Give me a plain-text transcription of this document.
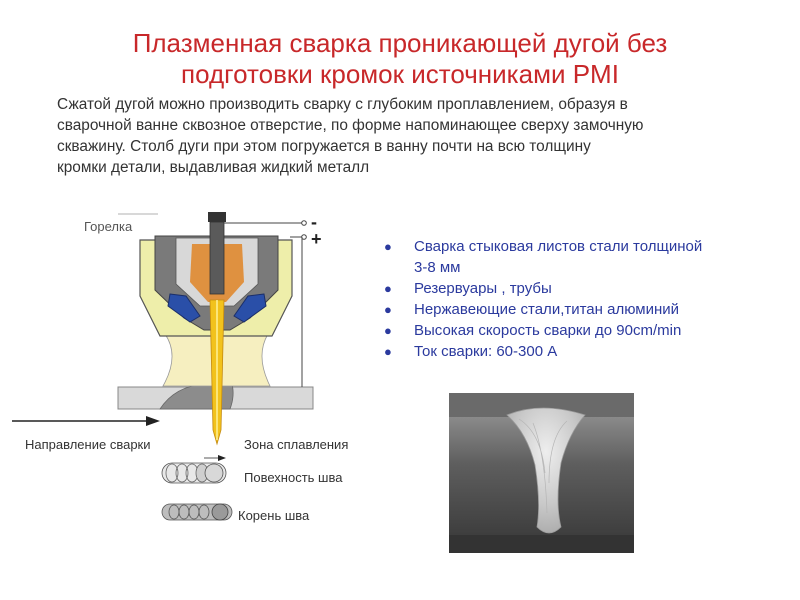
Плазменная сварка проникающей дугой без
подготовки кромок источниками PMI

Сжатой дугой можно производить сварку с глубоким проплавлением, образуя в
сварочной ванне сквозное отверстие, по форме напоминающее сверху замочную
скважину. Столб дуги при этом погружается в ванну почти на всю толщину
кромки детали, выдавливая жидкий металл

Горелка	-
+
Направление сварки	Зона сплавления
Повехность шва
Корень шва
● Сварка стыковая листов стали толщиной
3-8 мм
● Резервуары , трубы
● Нержавеющие стали,титан алюминий
● Высокая скорость сварки до 90cm/min
● Ток сварки: 60-300 А
